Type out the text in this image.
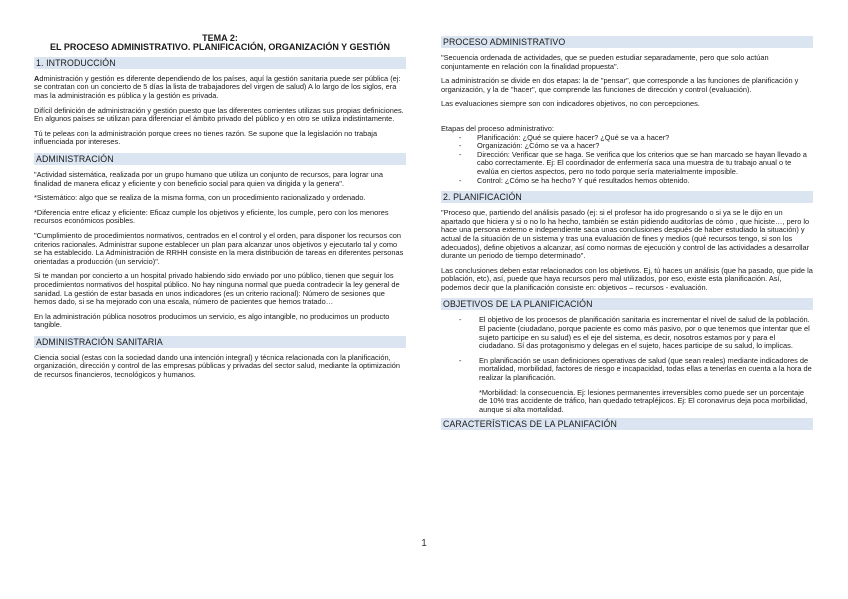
TEMA 2:
EL PROCESO ADMINISTRATIVO. PLANIFICACIÓN, ORGANIZACIÓN Y GESTIÓN
1. INTRODUCCIÓN

Administración y gestión es diferente dependiendo de los países, aquí la gestión sanitaria puede ser pública (ej: se contratan con un concierto de 5 días la lista de trabajadores del virgen de salud) A lo largo de los siglos, era mas la administración es pública y la gestión es privada.

Difícil definición de administración y gestión puesto que las diferentes corrientes utilizas sus propias definiciones. En algunos países se utilizan para diferenciar el ámbito privado del público y en otro se utiliza indistintamente.

Tú te peleas con la administración porque crees no tienes razón. Se supone que la legislación no trabaja influenciada por intereses.

ADMINISTRACIÓN

"Actividad sistemática, realizada por un grupo humano que utiliza un conjunto de recursos, para lograr una finalidad de manera eficaz y eficiente y con beneficio social para quien va dirigida y la genera".

*Sistemático: algo que se realiza de la misma forma, con un procedimiento racionalizado y ordenado.

*Diferencia entre eficaz y eficiente: Eficaz cumple los objetivos y eficiente, los cumple, pero con los menores recursos económicos posibles.

"Cumplimiento de procedimientos normativos, centrados en el control y el orden, para disponer los recursos con criterios racionales. Administrar supone establecer un plan para alcanzar unos objetivos y ejecutarlo tal y como se ha establecido. La Administración de RRHH consiste en la mera distribución de tareas en diferentes personas orientadas a producción (un servicio)".

Si te mandan por concierto a un hospital privado habiendo sido enviado por uno público, tienen que seguir los procedimientos normativos del hospital público. No hay ninguna normal que pueda contradecir la ley general de sanidad. La gestión de estar basada en unos indicadores (es un criterio racional): Número de sesiones que hemos dado, si se ha mejorado con una escala, número de pacientes que hemos tratado…

En la administración pública nosotros producimos un servicio, es algo intangible, no producimos un producto tangible.

ADMINISTRACIÓN SANITARIA

Ciencia social (estas con la sociedad dando una intención integral) y técnica relacionada con la planificación, organización, dirección y control de las empresas públicas y privadas del sector salud, mediante la optimización de recursos financieros, tecnológicos y humanos.

PROCESO ADMINISTRATIVO

"Secuencia ordenada de actividades, que se pueden estudiar separadamente, pero que solo actúan conjuntamente en relación con la finalidad propuesta".

La administración se divide en dos etapas: la de "pensar", que corresponde a las funciones de planificación y organización, y la de "hacer", que comprende las funciones de dirección y control (evaluación).

Las evaluaciones siempre son con indicadores objetivos, no con percepciones.

Etapas del proceso administrativo:
- Planificación: ¿Qué se quiere hacer? ¿Qué se va a hacer?
- Organización: ¿Cómo se va a hacer?
- Dirección: Verificar que se haga. Se verifica que los criterios que se han marcado se hayan llevado a cabo correctamente. Ej: El coordinador de enfermería saca una muestra de tu trabajo anual o te evalúa en ciertos aspectos, pero no todo porque sería materialmente imposible.
- Control: ¿Cómo se ha hecho? Y qué resultados hemos obtenido.
2. PLANIFICACIÓN

"Proceso que, partiendo del análisis pasado (ej: si el profesor ha ido progresando o si ya se le dijo en un apartado que hiciera y si o no lo ha hecho, también se están pidiendo auditorías de cómo , que hiciste…, pero lo hace una persona externo e independiente saca unas conclusiones después de haber estudiado la situación) y actual de la situación de un sistema y tras una evaluación de fines y medios (qué recursos tengo, si son los adecuados), define objetivos a alcanzar, así como normas de ejecución y control de las actividades a desarrollar durante un periodo de tiempo determinado".

Las conclusiones deben estar relacionados con los objetivos. Ej, tú haces un análisis (que ha pasado, que pide la población, etc), así, puede que haya recursos pero mal utilizados, por eso, existe esta planificación. Así, podemos decir que la planificación consiste en: objetivos – recursos - evaluación.

OBJETIVOS DE LA PLANIFICACIÓN
- El objetivo de los procesos de planificación sanitaria es incrementar el nivel de salud de la población. El paciente (ciudadano, porque paciente es como más pasivo, por o que tenemos que intentar que el sujeto participe en su salud) es el eje del sistema, es decir, nosotros estamos por y para el ciudadano. Sí das protagonismo y delegas en el sujeto, haces participe de su salud, lo implicas.
- En planificación se usan definiciones operativas de salud (que sean reales) mediante indicadores de mortalidad, morbilidad, factores de riesgo e incapacidad, todas ellas a tenerlas en cuenta a la hora de realizar la planificación.
*Morbilidad: la consecuencia. Ej: lesiones permanentes irreversibles como puede ser un porcentaje de 10% tras accidente de tráfico, han quedado tetrapléjicos. Ej: El coronavirus deja poca morbilidad, aunque si alta mortalidad.
CARACTERÍSTICAS DE LA PLANIFACIÓN
1
